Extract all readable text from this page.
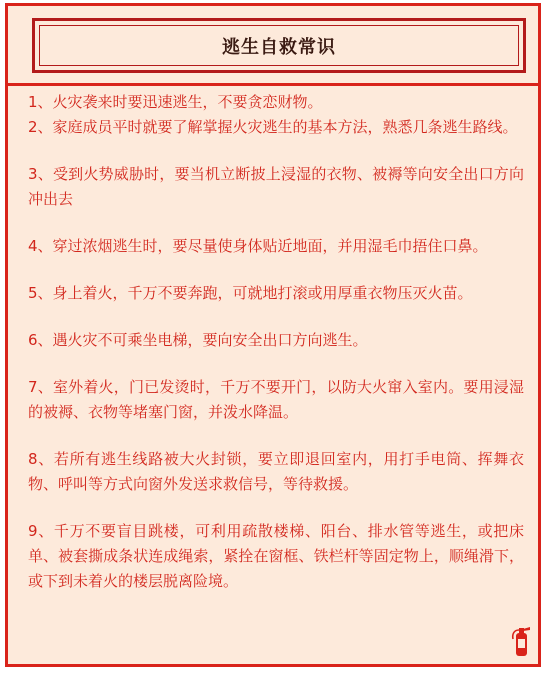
逃生自救常识
1、火灾袭来时要迅速逃生，不要贪恋财物。
2、家庭成员平时就要了解掌握火灾逃生的基本方法，熟悉几条逃生路线。
3、受到火势威胁时，要当机立断披上浸湿的衣物、被褥等向安全出口方向冲出去
4、穿过浓烟逃生时，要尽量使身体贴近地面，并用湿毛巾捂住口鼻。
5、身上着火，千万不要奔跑，可就地打滚或用厚重衣物压灭火苗。
6、遇火灾不可乘坐电梯，要向安全出口方向逃生。
7、室外着火，门已发烫时，千万不要开门，以防大火窜入室内。要用浸湿的被褥、衣物等堵塞门窗，并泼水降温。
8、若所有逃生线路被大火封锁，要立即退回室内，用打手电筒、挥舞衣物、呼叫等方式向窗外发送求救信号，等待救援。
9、千万不要盲目跳楼，可利用疏散楼梯、阳台、排水管等逃生，或把床单、被套撕成条状连成绳索，紧拴在窗框、铁栏杆等固定物上，顺绳滑下，或下到未着火的楼层脱离险境。
